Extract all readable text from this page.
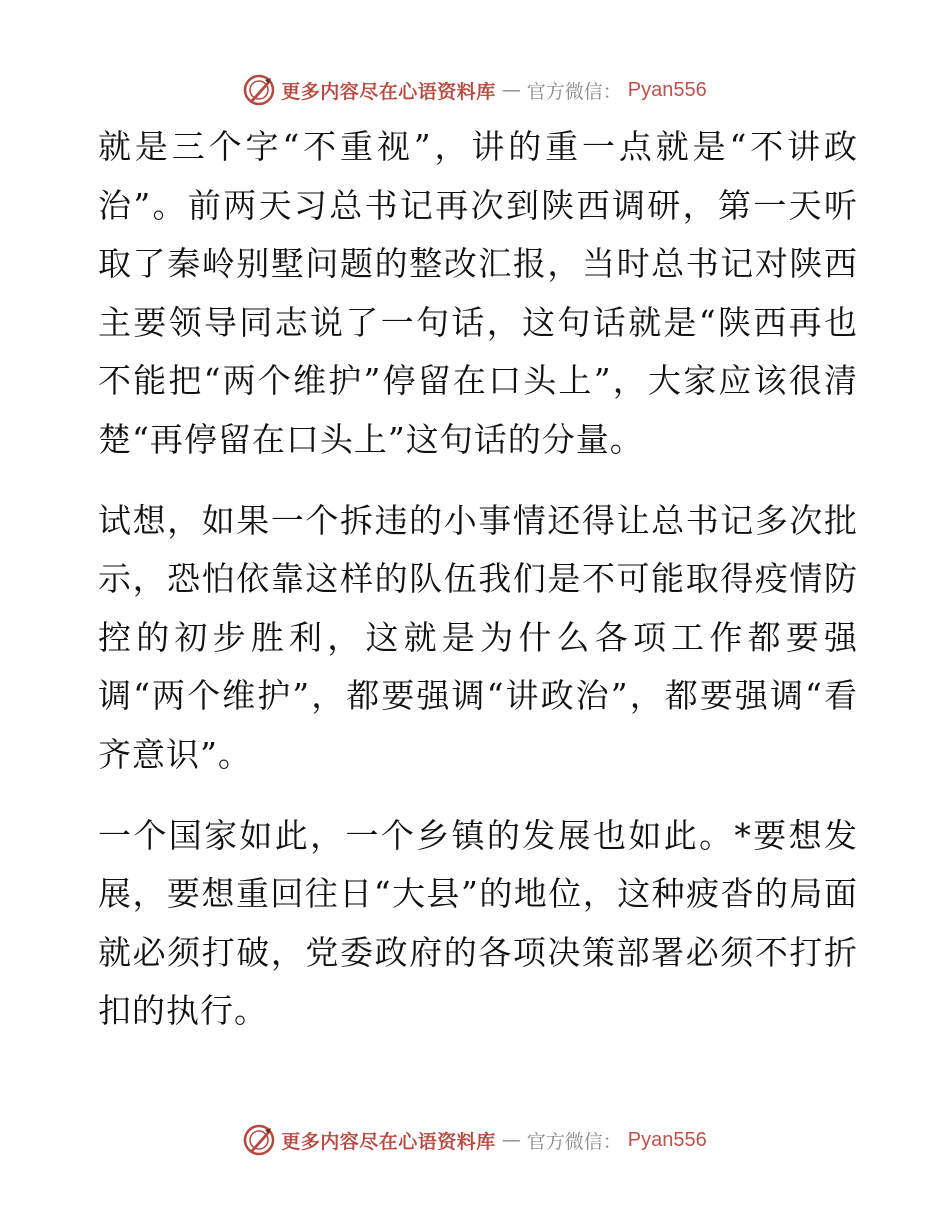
更多内容尽在心语资料库 — 官方微信： Pyan556

就是三个字“不重视”，讲的重一点就是“不讲政治”。前两天习总书记再次到陕西调研，第一天听取了秦岭别墅问题的整改汇报，当时总书记对陕西主要领导同志说了一句话，这句话就是“陕西再也不能把“两个维护”停留在口头上”，大家应该很清楚“再停留在口头上”这句话的分量。

试想，如果一个拆违的小事情还得让总书记多次批示，恐怕依靠这样的队伍我们是不可能取得疫情防控的初步胜利，这就是为什么各项工作都要强调“两个维护”，都要强调“讲政治”，都要强调“看齐意识”。

一个国家如此，一个乡镇的发展也如此。*要想发展，要想重回往日“大县”的地位，这种疲沓的局面就必须打破，党委政府的各项决策部署必须不打折扣的执行。

更多内容尽在心语资料库 — 官方微信： Pyan556
